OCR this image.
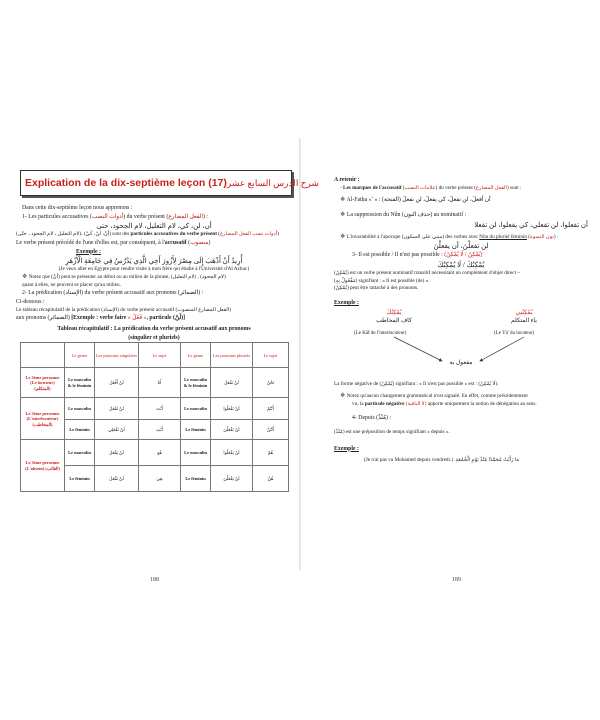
Explication de la dix-septième leçon (17) شرح الدرس السابع عشر
Dans cette dix-septième leçon nous apprenons :
1- Les particules accusatives (أدوات النصب) du verbe présent (الفعل المضارع) :
أن، لن، كي، لام التعليل، لام الجحود، حتى
(لام التعليل ، لام الجحود ، حتّى)، (أنْ، لَنْ، كَيْ) sont des particules accusatives du verbe présent (أدوات نصب الفعل المضارع)
Le verbe présent précédé de l'une d'elles est, par conséquent, à l'accusatif (منصوب)
Exemple :
أُرِيدُ أَنْ أَذْهَبَ إِلَى مِصْرَ لِأَزُورَ أَخِي الَّذِي يَدْرُسُ فِي جَامِعَةِ الْأَزْهَرِ
(Je veux aller en Egypte pour rendre visite à mon frère qui étudie à l'Université d'Al Azhar.)
❖ Notez que (أنْ) peut se présenter au début ou au milieu de la phrase, (لام التعليل) , (لام الجحود)
quant à elles, ne peuvent se placer qu'au milieu.
2- La prédication (الإسناد) du verbe présent accusatif aux pronoms (الضمائر) :
Ci-dessous :
Le tableau récapitulatif de la prédication (الإسناد) du verbe présent accusatif (الفعل المضارع المنصوب)
aux pronoms (الضمائر) [Exemple : verbe faire « فَعَلَ », particule (لَنْ)]
Tableau récapitulatif : La prédication du verbe présent accusatif aux pronoms
(singulier et pluriels)
	Le genre	Les pronoms singuliers	Le sujet	Le genre	Les pronoms pluriels	Le sujet
Le 3ème personne (Le locuteur) (المتكلم)	Le masculin & le féminin	لَنْ أَفْعَلَ	أَنَا	Le masculin & le féminin	لَنْ نَفْعَلَ	نَحْنُ
Le 2ème personne (L'interlocuteur) (المخاطب)	Le masculin	لَنْ تَفْعَلَ	أَنْتَ	Le masculin	لَنْ تَفْعَلُوا	أَنْتُمْ
	Le féminin	لَنْ تَفْعَلِي	أَنْتِ	Le féminin	لَنْ تَفْعَلْنَ	أَنْتُنَّ
Le 3ème personne (L'absent) (الغائب)	Le masculin	لَنْ يَفْعَلَ	هُوَ	Le masculin	لَنْ يَفْعَلُوا	هُمْ
	Le féminin	لَنْ تَفْعَلَ	هِيَ	Le féminin	لَنْ يَفْعَلْنَ	هُنَّ
188
A retenir :
- Les marques de l'accusatif (علامات النصب) du verbe présent (الفعل المضارع) sont :
❖ Al-Fatḥa « » : (الفتحة) أن أفعلَ، لن تفعلَ، كي يفعلَ، لن نفعلَ
❖ La suppression du Nûn (حذف النون) au nominatif :
أن تفعلوا، لن تفعلي، كي يفعلوا، لن تفعلا
❖ L'invariabilité à l'apocope (مبني على السكون) des verbes avec Nûn du pluriel féminin (نون النسوة) :
لن تفعلْنَ، أن يفعلْنَ
3- Il est possible / Il n'est pas possible : (يُمْكِنُ / لَا يُمْكِنُ)
يُمْكِنُكَ / لَا يُمْكِنُكَ
(يُمْكِنُ) est un verbe présent nominatif transitif nécessitant un complément d'objet direct –
(مَفْعُولٌ بِهِ) signifiant : « Il est possible (de) ».
(يُمْكِنُ) peut être rattaché à des pronoms.
Exemple :
يُمْكِنُكَ
كاف المخاطب
(Le Kâf de l'interlocuteur)
يُمْكِنُنِي
ياء المتكلم
(Le Yâ' du locuteur)
مفعول به
La forme négative de (يُمْكِنُ) signifiant : « Il n'est pas possible » est : (لَا يُمْكِنُ).
❖ Notez qu'aucun changement grammatical n'est signalé. En effet, comme précédemment
vu, la particule négative (لا النافية) apporte uniquement la notion de dénégation au sens.
4- Depuis (مُنْذُ) :
(مُنْذُ) est une préposition de temps signifiant « depuis ».
Exemple :
(Je n'ai pas vu Mohamed depuis vendredi.) مَا رَأَيْتُ مُحَمَّدًا مُنْذُ يَوْمِ الْجُمُعَةِ.
189
